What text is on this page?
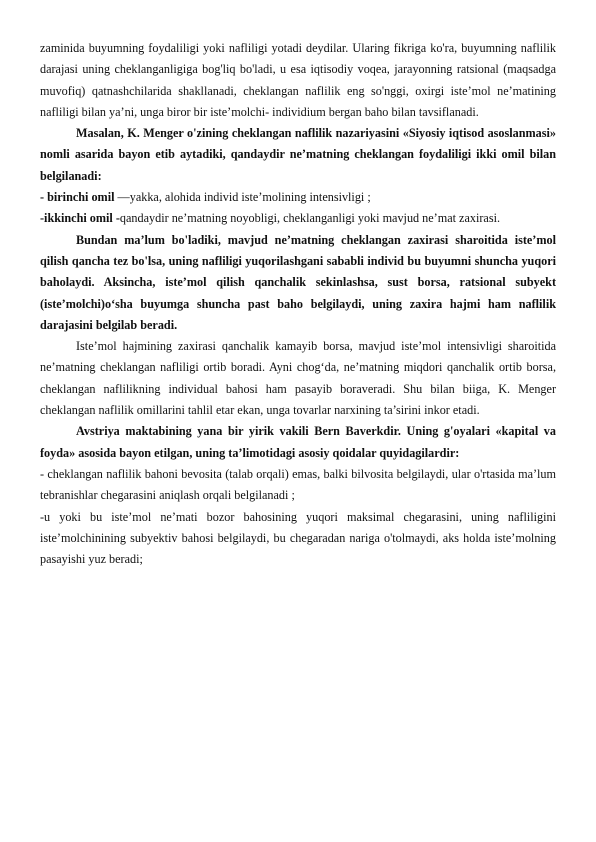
zaminida buyumning foydaliligi yoki nafliligi yotadi deydilar. Ularing fikriga ko'ra, buyumning naflilik darajasi uning cheklanganligiga bog'liq bo'ladi, u esa iqtisodiy voqea, jarayonning ratsional (maqsadga muvofiq) qatnashchilarida shakllanadi, cheklangan naflilik eng so'nggi, oxirgi iste’mol ne’matining nafliligi bilan ya’ni, unga biror bir iste’molchi- individium bergan baho bilan tavsiflanadi.

Masalan, K. Menger o'zining cheklangan naflilik nazariyasini «Siyosiy iqtisod asoslanmasi» nomli asarida bayon etib aytadiki, qandaydir ne’matning cheklangan foydaliligi ikki omil bilan belgilanadi:

- birinchi omil —yakka, alohida individ iste’molining intensivligi ;

-ikkinchi omil -qandaydir ne’matning noyobligi, cheklanganligi yoki mavjud ne’mat zaxirasi.

Bundan ma’lum bo'ladiki, mavjud ne’matning cheklangan zaxirasi sharoitida iste’mol qilish qancha tez bo'lsa, uning nafliligi yuqorilashgani sababli individ bu buyumni shuncha yuqori baholaydi. Aksincha, iste’mol qilish qanchalik sekinlashsa, sust borsa, ratsional subyekt (iste’molchi)o‘sha buyumga shuncha past baho belgilaydi, uning zaxira hajmi ham naflilik darajasini belgilab beradi.

Iste’mol hajmining zaxirasi qanchalik kamayib borsa, mavjud iste’mol intensivligi sharoitida ne’matning cheklangan nafliligi ortib boradi. Ayni chog‘da, ne’matning miqdori qanchalik ortib borsa, cheklangan naflilikning individual bahosi ham pasayib boraveradi. Shu bilan biiga, K. Menger cheklangan naflilik omillarini tahlil etar ekan, unga tovarlar narxining ta’sirini inkor etadi.

Avstriya maktabining yana bir yirik vakili Bern Baverkdir. Uning g'oyalari «kapital va foyda» asosida bayon etilgan, uning ta’limotidagi asosiy qoidalar quyidagilardir:

- cheklangan naflilik bahoni bevosita (talab orqali) emas, balki bilvosita belgilaydi, ular o'rtasida ma’lum tebranishlar chegarasini aniqlash orqali belgilanadi ;

-u yoki bu iste’mol ne’mati bozor bahosining yuqori maksimal chegarasini, uning nafliligini iste’molchinining subyektiv bahosi belgilaydi, bu chegaradan nariga o'tolmaydi, aks holda iste’molning pasayishi yuz beradi;
